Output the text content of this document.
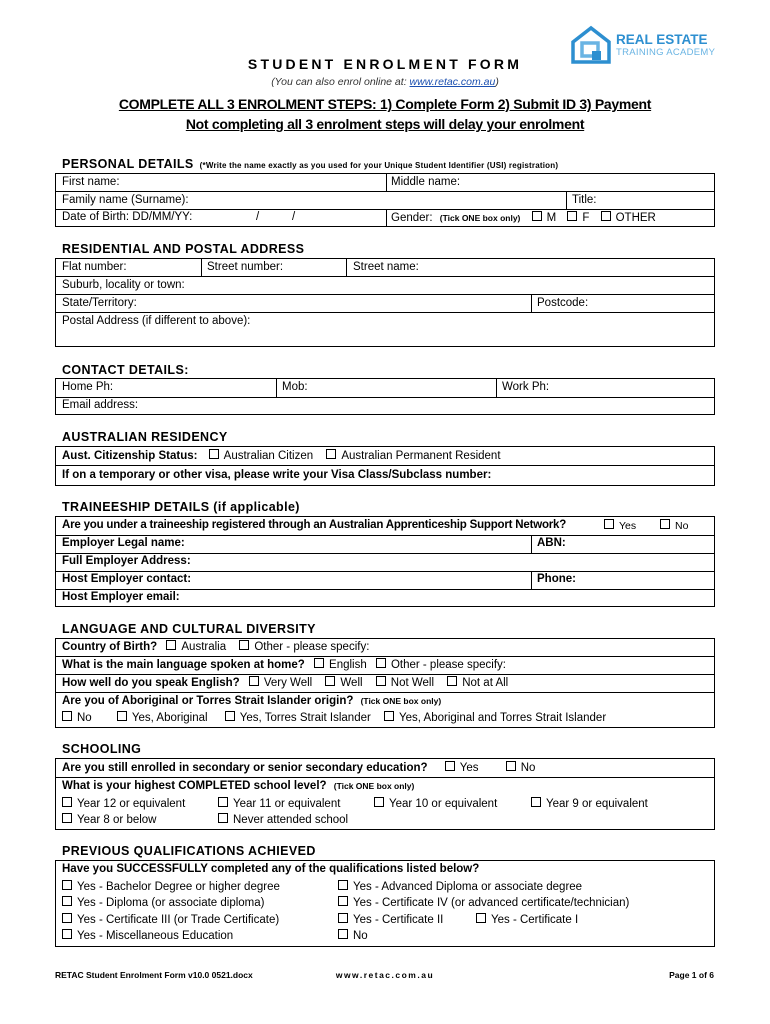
REAL ESTATE
TRAINING ACADEMY
STUDENT ENROLMENT FORM
(You can also enrol online at: www.retac.com.au)
COMPLETE ALL 3 ENROLMENT STEPS: 1) Complete Form 2) Submit ID 3) Payment
Not completing all 3 enrolment steps will delay your enrolment
PERSONAL DETAILS (*Write the name exactly as you used for your Unique Student Identifier (USI) registration)
First name:	Middle name:
Family name (Surname):	Title:
Date of Birth: DD/MM/YY:	/	/	Gender: (Tick ONE box only) M F OTHER
RESIDENTIAL AND POSTAL ADDRESS
Flat number:	Street number:	Street name:
Suburb, locality or town:
State/Territory:	Postcode:
Postal Address (if different to above):
CONTACT DETAILS:
Home Ph:	Mob:	Work Ph:
Email address:
AUSTRALIAN RESIDENCY
Aust. Citizenship Status: Australian Citizen Australian Permanent Resident
If on a temporary or other visa, please write your Visa Class/Subclass number:
TRAINEESHIP DETAILS (if applicable)
Are you under a traineeship registered through an Australian Apprenticeship Support Network?	Yes	No
Employer Legal name:	ABN:
Full Employer Address:
Host Employer contact:	Phone:
Host Employer email:
LANGUAGE AND CULTURAL DIVERSITY
Country of Birth? Australia Other - please specify:
What is the main language spoken at home? English Other - please specify:
How well do you speak English? Very Well Well Not Well Not at All
Are you of Aboriginal or Torres Strait Islander origin? (Tick ONE box only)
No	Yes, Aboriginal	Yes, Torres Strait Islander Yes, Aboriginal and Torres Strait Islander
SCHOOLING
Are you still enrolled in secondary or senior secondary education?	Yes	No
What is your highest COMPLETED school level? (Tick ONE box only)
Year 12 or equivalent	Year 11 or equivalent	Year 10 or equivalent	Year 9 or equivalent
Year 8 or below	Never attended school
PREVIOUS QUALIFICATIONS ACHIEVED
Have you SUCCESSFULLY completed any of the qualifications listed below?
Yes - Bachelor Degree or higher degree	Yes - Advanced Diploma or associate degree
Yes - Diploma (or associate diploma)	Yes - Certificate IV (or advanced certificate/technician)
Yes - Certificate III (or Trade Certificate)	Yes - Certificate II	Yes - Certificate I
Yes - Miscellaneous Education	No
RETAC Student Enrolment Form v10.0 0521.docx	www.retac.com.au	Page 1 of 6
